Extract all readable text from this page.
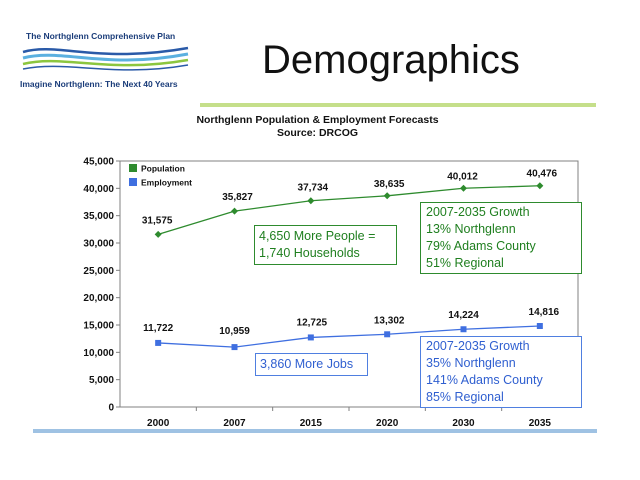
The Northglenn Comprehensive Plan
Imagine Northglenn: The Next 40 Years
Demographics
Northglenn Population & Employment Forecasts
Source: DRCOG
0
5,000
10,000
15,000
20,000
25,000
30,000
35,000
40,000
45,000
2000	2007	2015	2020	2030	2035
31,575
35,827
37,734	38,635
40,012	40,476
11,722	10,959
12,725	13,302	14,224	14,816
Population
Employment
4,650 More People =
1,740 Households
2007-2035 Growth
13% Northglenn
79% Adams County
51% Regional
3,860 More Jobs
2007-2035 Growth
35% Northglenn
141% Adams County
85% Regional
